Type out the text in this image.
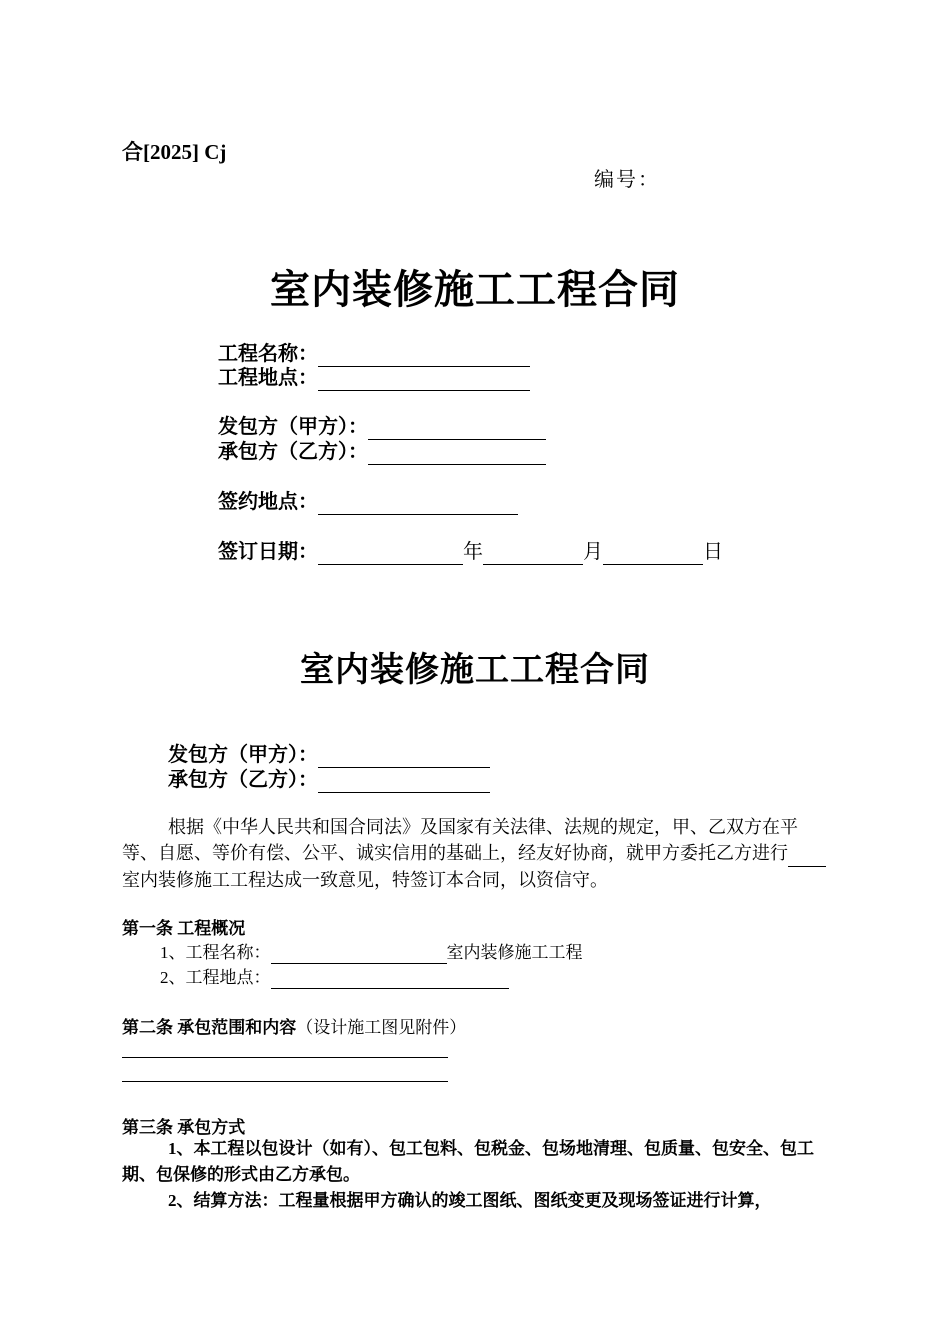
合[2025] Cj
编号：
室内装修施工工程合同
工程名称：
工程地点：
发包方（甲方）：
承包方（乙方）：
签约地点：
签订日期：	年	月	日
室内装修施工工程合同
发包方（甲方）：
承包方（乙方）：
根据《中华人民共和国合同法》及国家有关法律、法规的规定，甲、乙双方在平等、自愿、等价有偿、公平、诚实信用的基础上，经友好协商，就甲方委托乙方进行 室内装修施工工程达成一致意见，特签订本合同，以资信守。
第一条 工程概况
1、工程名称：	室内装修施工工程
2、工程地点：
第二条 承包范围和内容（设计施工图见附件）
第三条 承包方式
1、本工程以包设计（如有）、包工包料、包税金、包场地清理、包质量、包安全、包工期、包保修的形式由乙方承包。
2、结算方法：工程量根据甲方确认的竣工图纸、图纸变更及现场签证进行计算，
